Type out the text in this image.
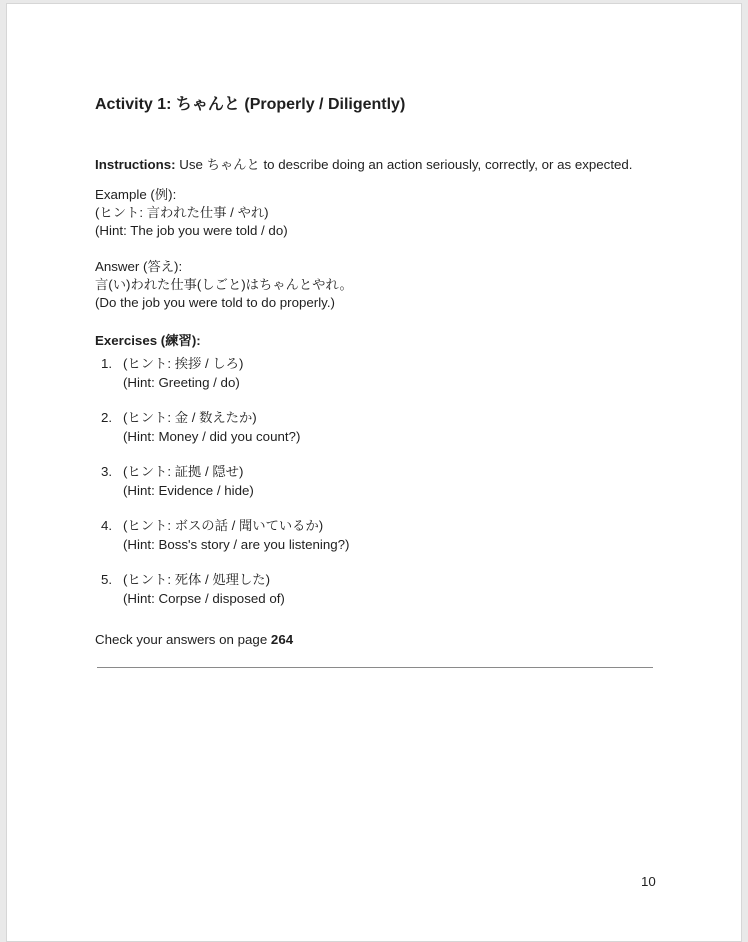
Activity 1: ちゃんと (Properly / Diligently)
Instructions: Use ちゃんと to describe doing an action seriously, correctly, or as expected.
Example (例):
(ヒント: 言われた仕事 / やれ)
(Hint: The job you were told / do)
Answer (答え):
言(い)われた仕事(しごと)はちゃんとやれ。
(Do the job you were told to do properly.)
Exercises (練習):
1. (ヒント: 挨拶 / しろ)
(Hint: Greeting / do)
2. (ヒント: 金 / 数えたか)
(Hint: Money / did you count?)
3. (ヒント: 証拠 / 隠せ)
(Hint: Evidence / hide)
4. (ヒント: ボスの話 / 聞いているか)
(Hint: Boss's story / are you listening?)
5. (ヒント: 死体 / 処理した)
(Hint: Corpse / disposed of)
Check your answers on page 264
10
